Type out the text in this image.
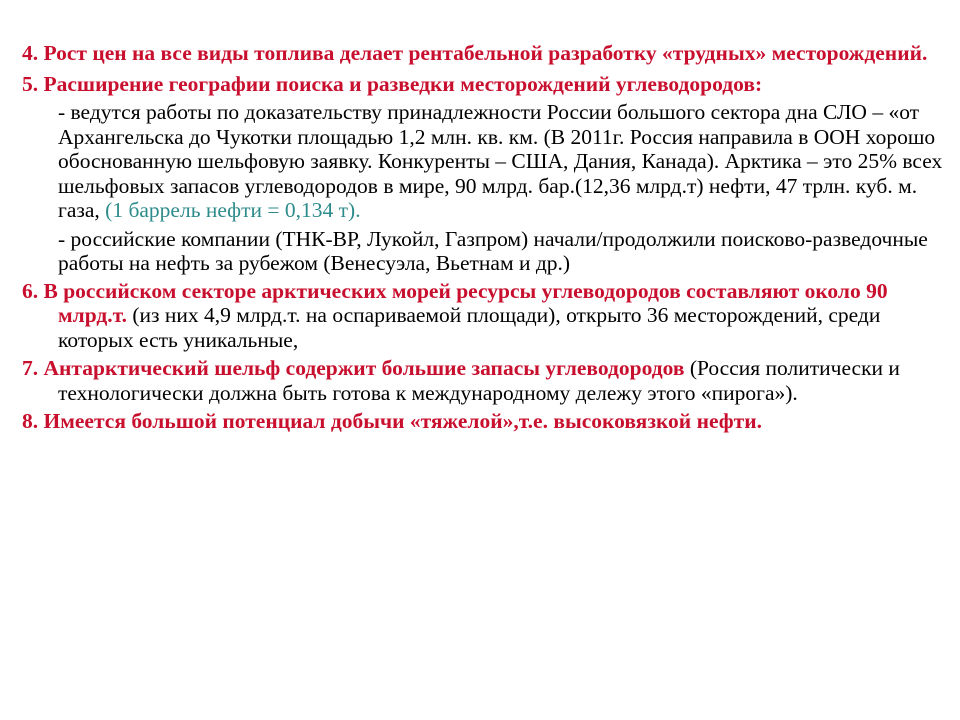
4. Рост цен на все виды топлива делает рентабельной разработку «трудных» месторождений.

5. Расширение географии поиска и разведки месторождений углеводородов:

- ведутся работы по доказательству принадлежности России большого сектора дна СЛО – «от Архангельска до Чукотки площадью 1,2 млн. кв. км. (В 2011г. Россия направила в ООН хорошо обоснованную шельфовую заявку. Конкуренты – США, Дания, Канада). Арктика – это 25% всех шельфовых запасов углеводородов в мире, 90 млрд. бар.(12,36 млрд.т) нефти, 47 трлн. куб. м. газа, (1 баррель нефти = 0,134 т).

- российские компании (ТНК-ВР, Лукойл, Газпром) начали/продолжили поисково-разведочные работы на нефть за рубежом (Венесуэла, Вьетнам и др.)

6. В российском секторе арктических морей ресурсы углеводородов составляют около 90 млрд.т. (из них 4,9 млрд.т. на оспариваемой площади), открыто 36 месторождений, среди которых есть уникальные,

7. Антарктический шельф содержит большие запасы углеводородов (Россия политически и технологически должна быть готова к международному дележу этого «пирога»).

8. Имеется большой потенциал добычи «тяжелой»,т.е. высоковязкой нефти.
